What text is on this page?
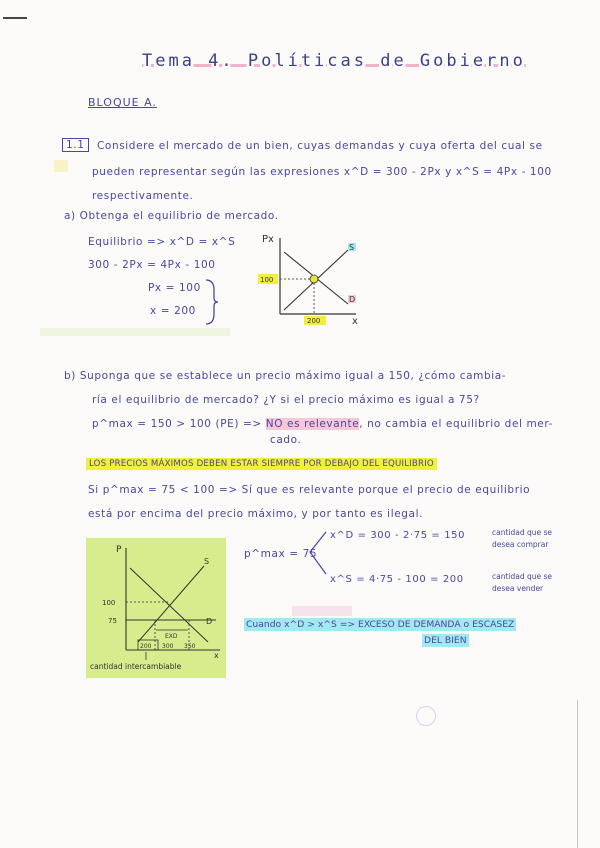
Tema 4. Políticas de Gobierno
BLOQUE A.
1.1	Considere el mercado de un bien, cuyas demandas y cuya oferta del cual se
pueden representar según las expresiones x^D = 300 - 2Px y x^S = 4Px - 100
respectivamente.
a) Obtenga el equilibrio de mercado.
Equilibrio => x^D = x^S
300 - 2Px = 4Px - 100
Px = 100
x = 200
Px
x
S
D
100
200
b) Suponga que se establece un precio máximo igual a 150, ¿cómo cambia-
ría el equilibrio de mercado? ¿Y si el precio máximo es igual a 75?
p^max = 150 > 100 (PE) => NO es relevante, no cambia el equilibrio del mer-
cado.
LOS PRECIOS MÁXIMOS DEBEN ESTAR SIEMPRE POR DEBAJO DEL EQUILIBRIO
Si p^max = 75 < 100 => Sí que es relevante porque el precio de equilibrio
está por encima del precio máximo, y por tanto es ilegal.
P
x
S
D
100
75
EXD
200 300 350
cantidad intercambiable
p^max = 75
x^D = 300 - 2·75 = 150	cantidad que se
desea comprar
x^S = 4·75 - 100 = 200	cantidad que se
desea vender
Cuando x^D > x^S => EXCESO DE DEMANDA o ESCASEZ
DEL BIEN
